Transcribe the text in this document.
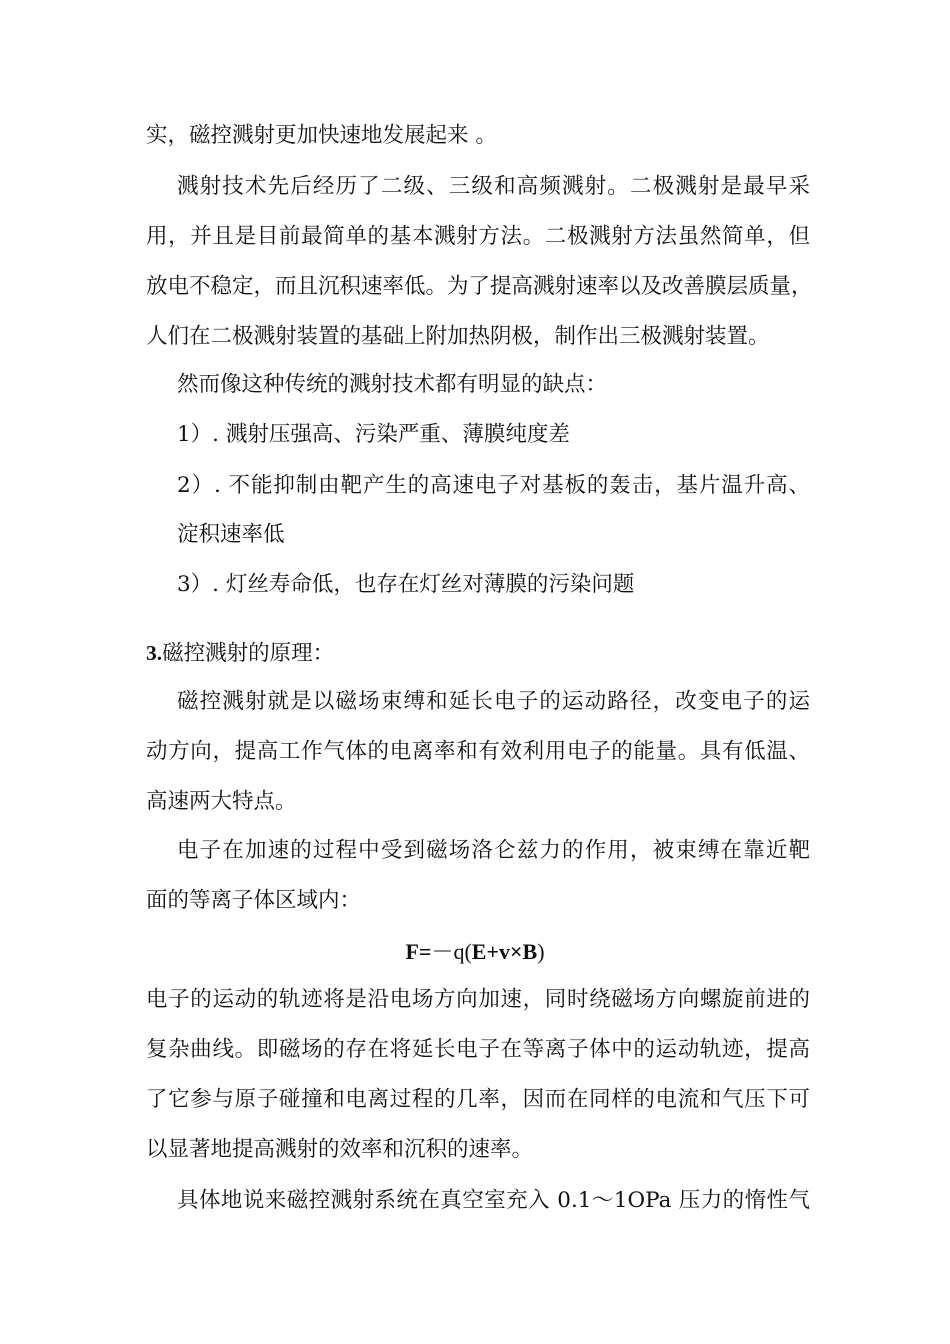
实，磁控溅射更加快速地发展起来 。
溅射技术先后经历了二级、三级和高频溅射。二极溅射是最早采
用，并且是目前最简单的基本溅射方法。二极溅射方法虽然简单，但
放电不稳定，而且沉积速率低。为了提高溅射速率以及改善膜层质量，
人们在二极溅射装置的基础上附加热阴极，制作出三极溅射装置。
然而像这种传统的溅射技术都有明显的缺点：
1）. 溅射压强高、污染严重、薄膜纯度差
2）. 不能抑制由靶产生的高速电子对基板的轰击，基片温升高、
淀积速率低
3）. 灯丝寿命低，也存在灯丝对薄膜的污染问题
3.磁控溅射的原理：
磁控溅射就是以磁场束缚和延长电子的运动路径，改变电子的运
动方向，提高工作气体的电离率和有效利用电子的能量。具有低温、
高速两大特点。
电子在加速的过程中受到磁场洛仑兹力的作用，被束缚在靠近靶
面的等离子体区域内：
F=－q(E+v×B)
电子的运动的轨迹将是沿电场方向加速，同时绕磁场方向螺旋前进的
复杂曲线。即磁场的存在将延长电子在等离子体中的运动轨迹，提高
了它参与原子碰撞和电离过程的几率，因而在同样的电流和气压下可
以显著地提高溅射的效率和沉积的速率。
具体地说来磁控溅射系统在真空室充入 0.1～1OPa 压力的惰性气
